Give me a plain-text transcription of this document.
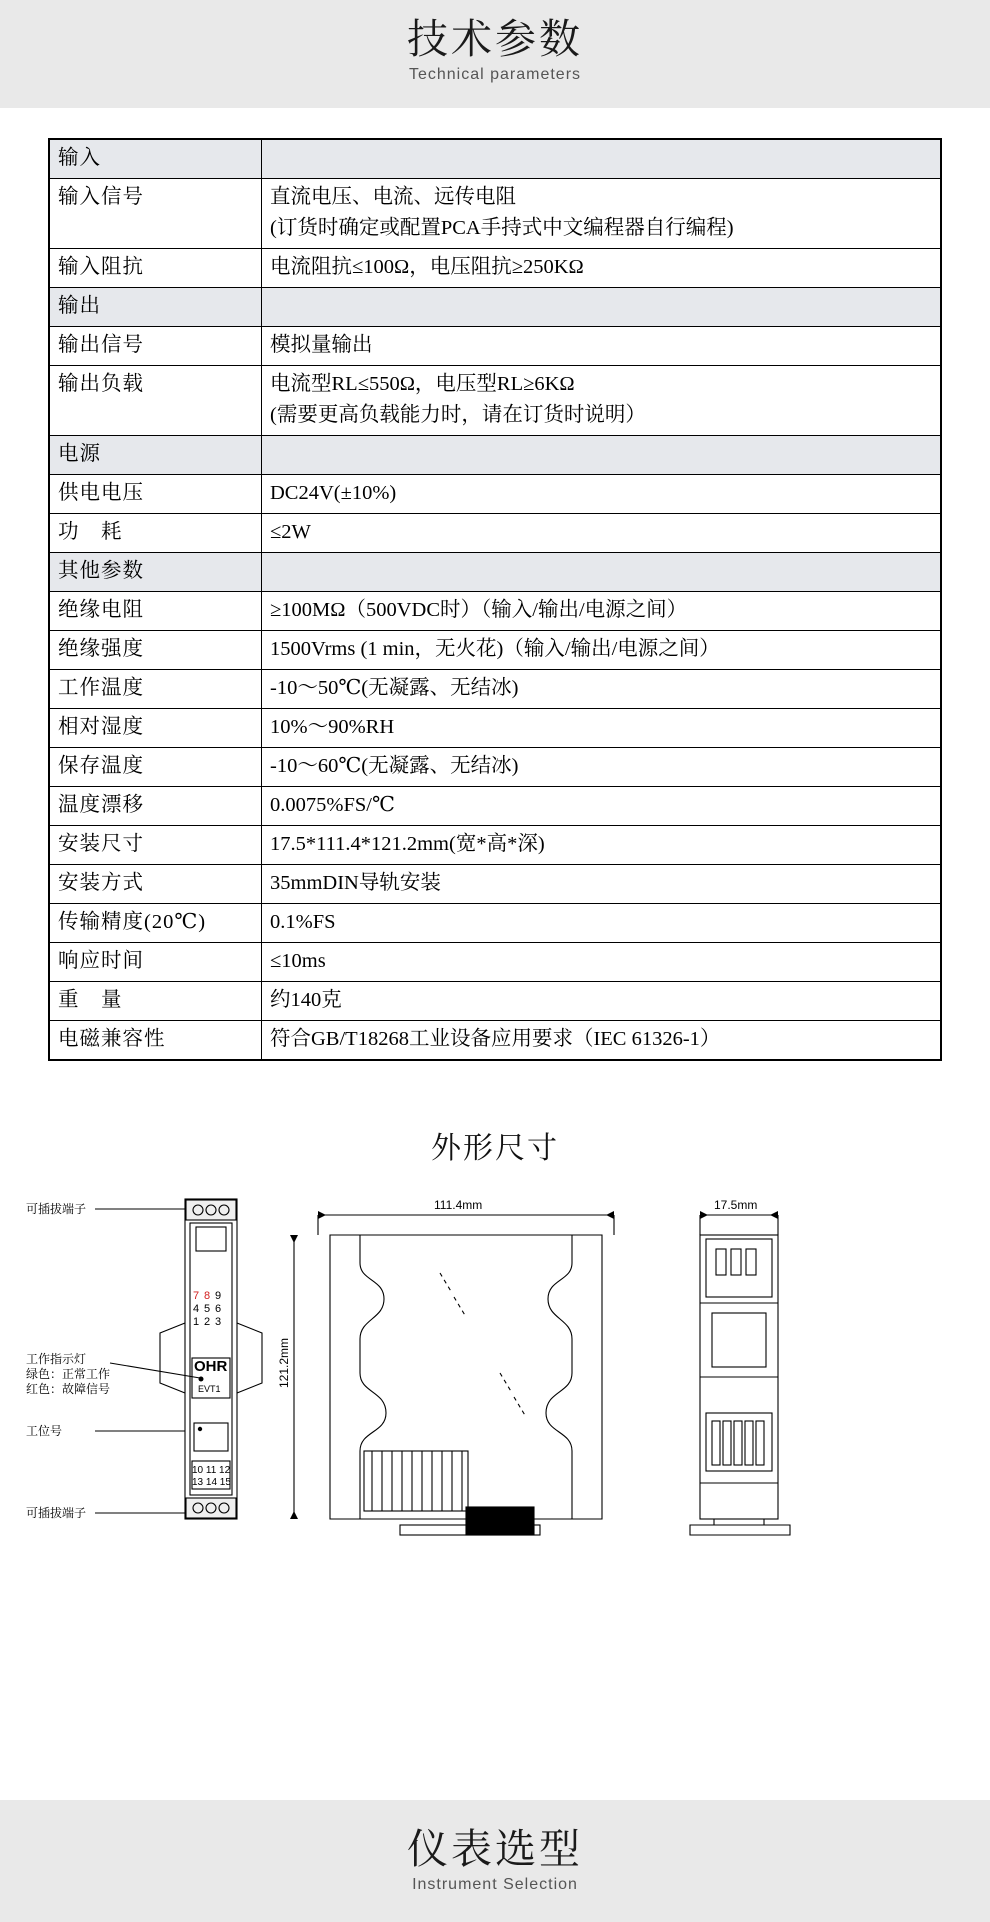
技术参数
Technical parameters
输入	
输入信号	直流电压、电流、远传电阻
(订货时确定或配置PCA手持式中文编程器自行编程)

输入阻抗	电流阻抗≤100Ω，电压阻抗≥250KΩ
输出	
输出信号	模拟量输出
输出负载	电流型RL≤550Ω，电压型RL≥6KΩ
(需要更高负载能力时，请在订货时说明）

电源	
供电电压	DC24V(±10%)
功　耗	≤2W
其他参数	
绝缘电阻	≥100MΩ（500VDC时）（输入/输出/电源之间）
绝缘强度	1500Vrms (1 min，无火花)（输入/输出/电源之间）
工作温度	-10～50℃(无凝露、无结冰)
相对湿度	10%～90%RH
保存温度	-10～60℃(无凝露、无结冰)
温度漂移	0.0075%FS/℃
安装尺寸	17.5*111.4*121.2mm(宽*高*深)
安装方式	35mmDIN导轨安装
传输精度(20℃)	0.1%FS
响应时间	≤10ms
重　量	约140克
电磁兼容性	符合GB/T18268工业设备应用要求（IEC 61326-1）
外形尺寸
可插拔端子
可插拔端子
工作指示灯
绿色：正常工作
红色：故障信号
工位号
7 8 9
4 5 6
1 2 3
OHR
EVT1
10 11 12
13 14 15
111.4mm
121.2mm
17.5mm
仪表选型
Instrument Selection
